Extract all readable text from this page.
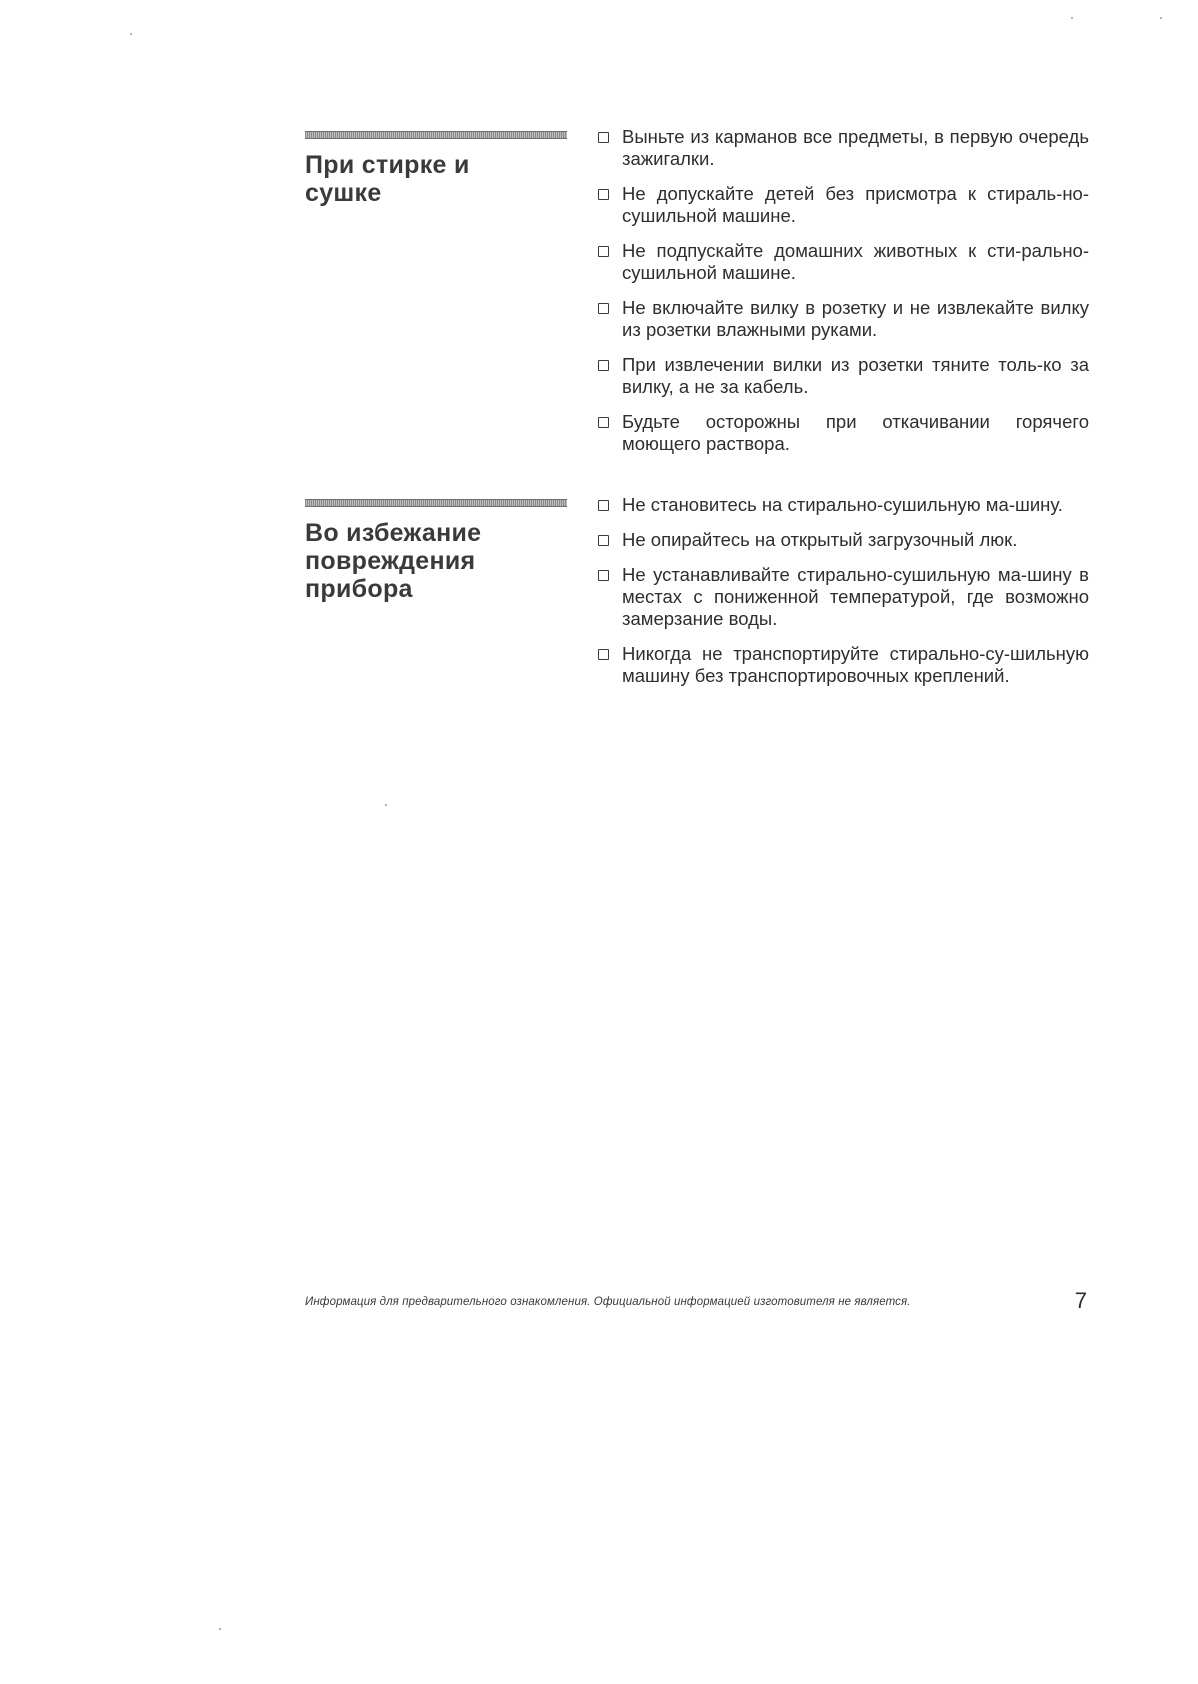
При стирке и
сушке
Выньте из карманов все предметы, в первую очередь зажигалки.
Не допускайте детей без присмотра к стираль-но-сушильной машине.
Не подпускайте домашних животных к сти-рально-сушильной машине.
Не включайте вилку в розетку и не извлекайте вилку из розетки влажными руками.
При извлечении вилки из розетки тяните толь-ко за вилку, а не за кабель.
Будьте осторожны при откачивании горячего моющего раствора.
Во избежание
повреждения
прибора
Не становитесь на стирально-сушильную ма-шину.
Не опирайтесь на открытый загрузочный люк.
Не устанавливайте стирально-сушильную ма-шину в местах с пониженной температурой, где возможно замерзание воды.
Никогда не транспортируйте стирально-су-шильную машину без транспортировочных креплений.
Информация для предварительного ознакомления. Официальной информацией изготовителя не является.	7
